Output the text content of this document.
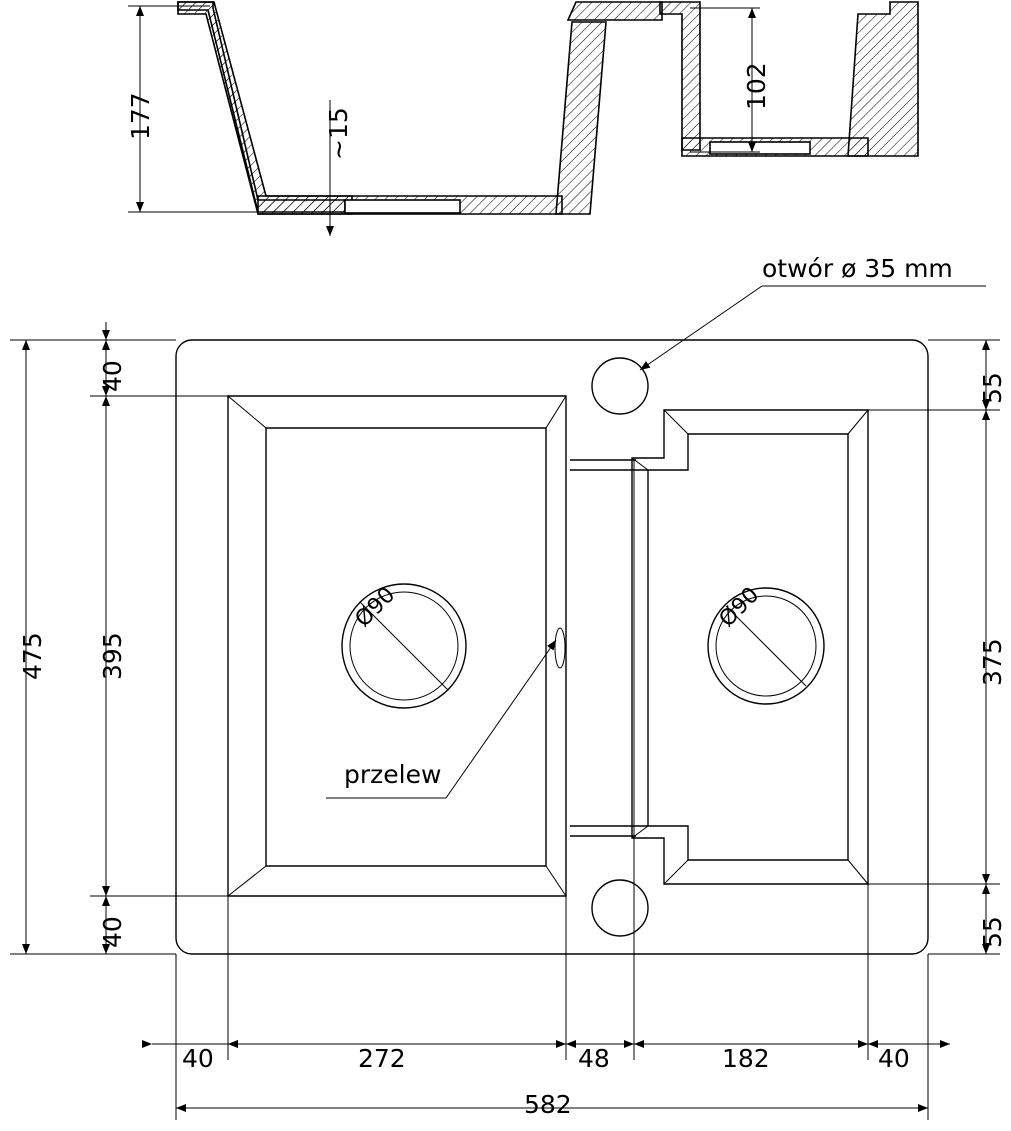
177	~15
102
otwór ø 35 mm
przelew
Ø90	Ø90
475 395
40
40
55
375
55
40	272	48	182	40
582
